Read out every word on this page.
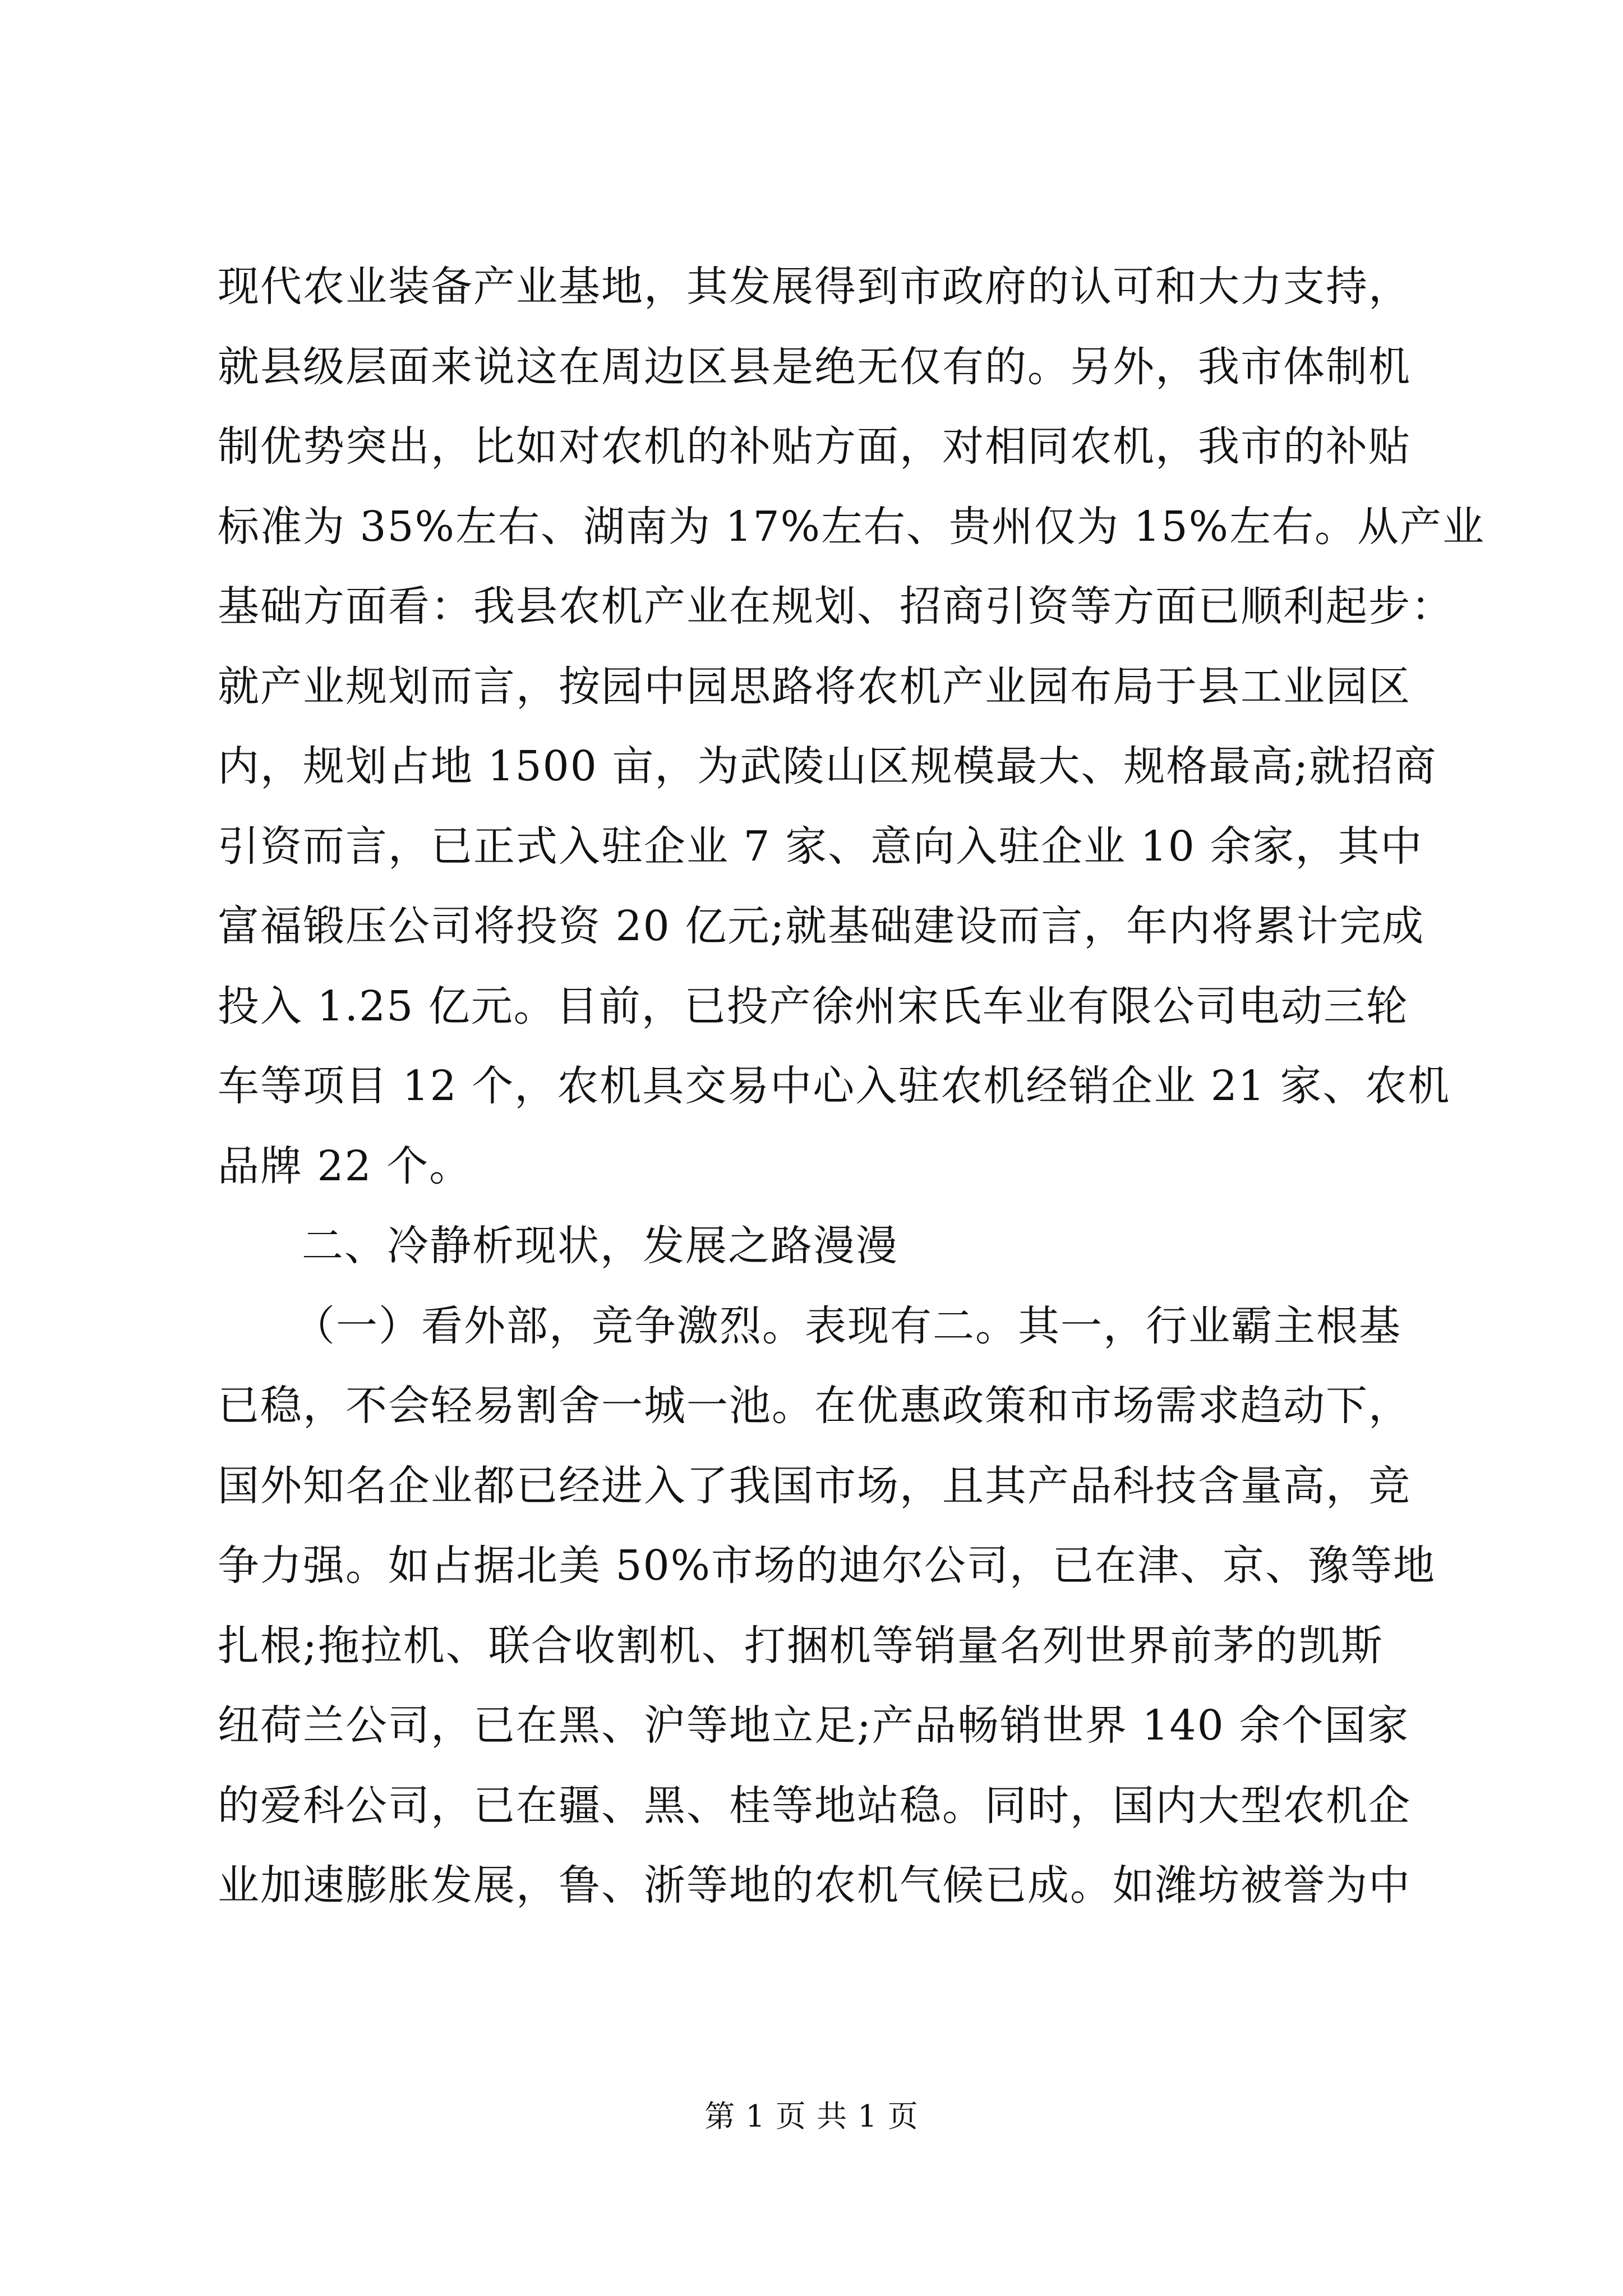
现代农业装备产业基地，其发展得到市政府的认可和大力支持，
就县级层面来说这在周边区县是绝无仅有的。另外，我市体制机
制优势突出，比如对农机的补贴方面，对相同农机，我市的补贴
标准为 35%左右、湖南为 17%左右、贵州仅为 15%左右。从产业
基础方面看：我县农机产业在规划、招商引资等方面已顺利起步：
就产业规划而言，按园中园思路将农机产业园布局于县工业园区
内，规划占地 1500 亩，为武陵山区规模最大、规格最高;就招商
引资而言，已正式入驻企业 7 家、意向入驻企业 10 余家，其中
富福锻压公司将投资 20 亿元;就基础建设而言，年内将累计完成
投入 1.25 亿元。目前，已投产徐州宋氏车业有限公司电动三轮
车等项目 12 个，农机具交易中心入驻农机经销企业 21 家、农机
品牌 22 个。
二、冷静析现状，发展之路漫漫
（一）看外部，竞争激烈。表现有二。其一，行业霸主根基
已稳，不会轻易割舍一城一池。在优惠政策和市场需求趋动下，
国外知名企业都已经进入了我国市场，且其产品科技含量高，竞
争力强。如占据北美 50%市场的迪尔公司，已在津、京、豫等地
扎根;拖拉机、联合收割机、打捆机等销量名列世界前茅的凯斯
纽荷兰公司，已在黑、沪等地立足;产品畅销世界 140 余个国家
的爱科公司，已在疆、黑、桂等地站稳。同时，国内大型农机企
业加速膨胀发展，鲁、浙等地的农机气候已成。如潍坊被誉为中
第 1 页 共 1 页
